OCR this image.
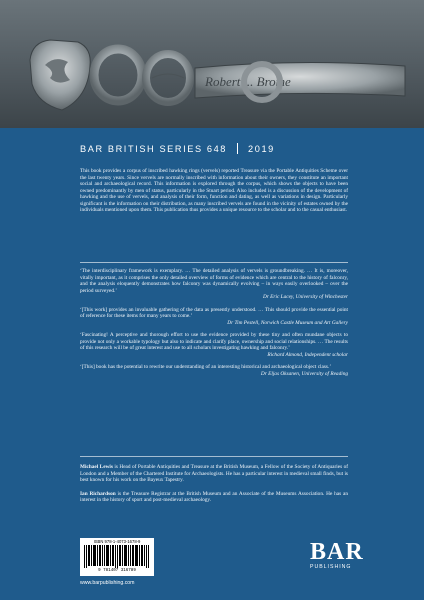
Robert ... Brome
BAR BRITISH SERIES 648 2019
This book provides a corpus of inscribed hawking rings (vervels) reported Treasure via the Portable Antiquities Scheme over the last twenty years. Since vervels are normally inscribed with information about their owners, they constitute an important social and archaeological record. This information is explored through the corpus, which shows the objects to have been owned predominantly by men of status, particularly in the Stuart period. Also included is a discussion of the development of hawking and the use of vervels, and analysis of their form, function and dating, as well as variations in design. Particularly significant is the information on their distribution, as many inscribed vervels are found in the vicinity of estates owned by the individuals mentioned upon them. This publication thus provides a unique resource to the scholar and to the casual enthusiast.
‘The interdisciplinary framework is exemplary. … The detailed analysis of vervels is groundbreaking. … It is, moreover, vitally important, as it comprises the only detailed overview of forms of evidence which are central to the history of falconry, and the analysis eloquently demonstrates how falconry was dynamically evolving – in ways easily overlooked – over the period surveyed.’
Dr Eric Lacey, University of Winchester
‘[This work] provides an invaluable gathering of the data as presently understood. … This should provide the essential point of reference for these items for many years to come.’
Dr Tim Pestell, Norwich Castle Museum and Art Gallery
‘Fascinating! A perceptive and thorough effort to use the evidence provided by these tiny and often mundane objects to provide not only a workable typology but also to indicate and clarify place, ownership and social relationships. … The results of this research will be of great interest and use to all scholars investigating hawking and falconry.’
Richard Almond, Independent scholar
‘[This] book has the potential to rewrite our understanding of an interesting historical and archaeological object class.’
Dr Eljas Oksanen, University of Reading

Michael Lewis is Head of Portable Antiquities and Treasure at the British Museum, a Fellow of the Society of Antiquaries of London and a Member of the Chartered Institute for Archaeologists. He has a particular interest in medieval small finds, but is best known for his work on the Bayeux Tapestry.

Ian Richardson is the Treasure Registrar at the British Museum and an Associate of the Museums Association. He has an interest in the history of sport and post-medieval archaeology.

ISBN 978-1-4073-1678-9
9 781407 316789
www.barpublishing.com
BAR
PUBLISHING
